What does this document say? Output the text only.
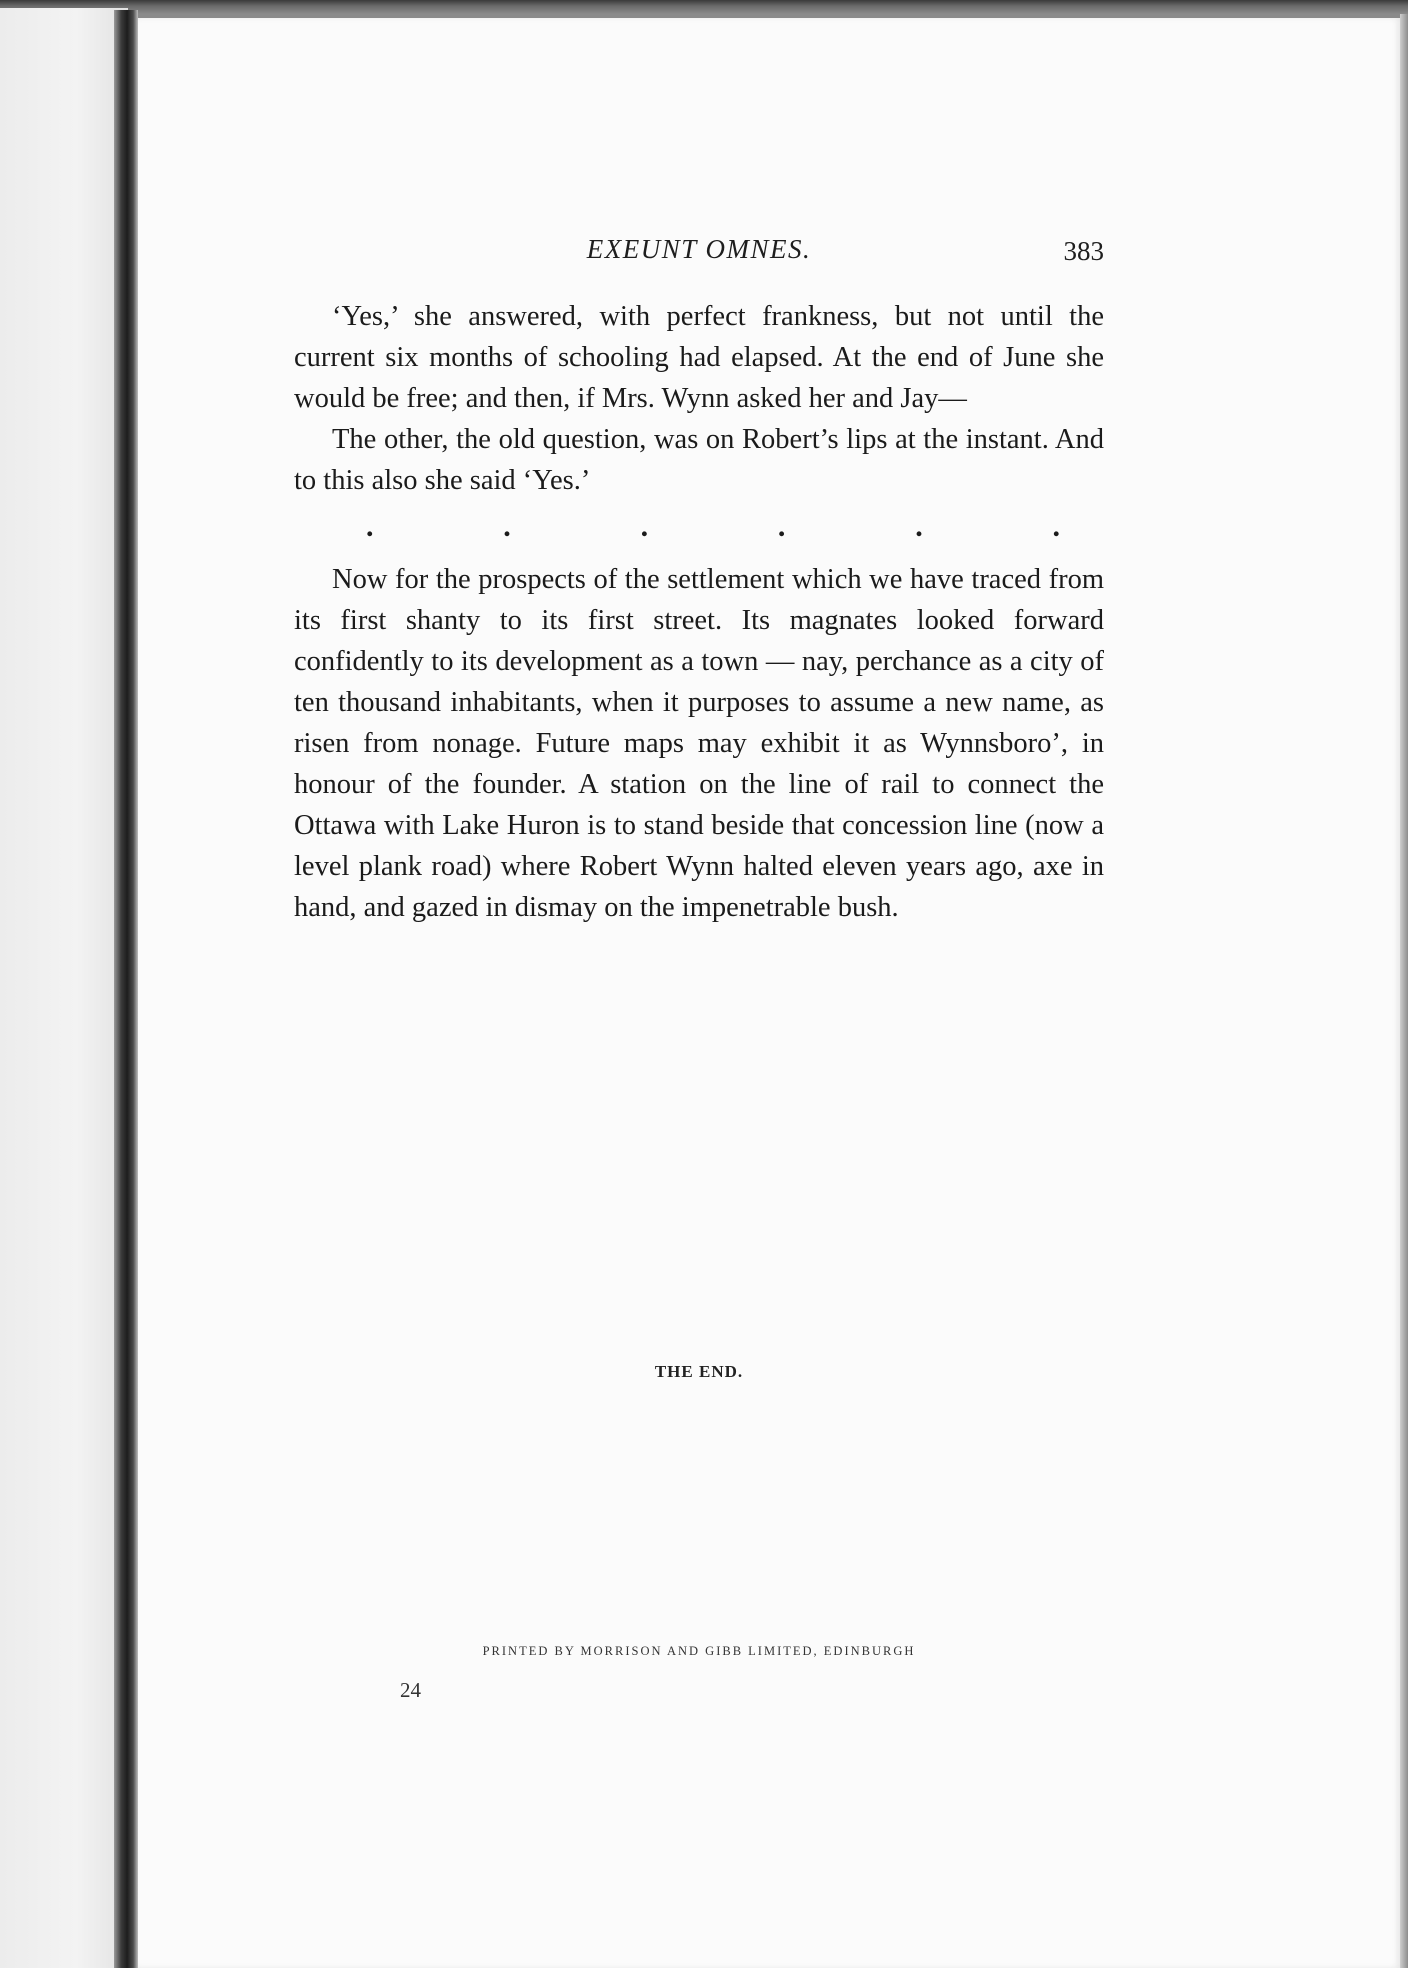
EXEUNT OMNES.	383

‘Yes,’ she answered, with perfect frankness, but not until the current six months of schooling had elapsed. At the end of June she would be free; and then, if Mrs. Wynn asked her and Jay—

The other, the old question, was on Robert’s lips at the instant. And to this also she said ‘Yes.’

.	.	.	.	.	.

Now for the prospects of the settlement which we have traced from its first shanty to its first street. Its magnates looked forward confidently to its development as a town — nay, perchance as a city of ten thousand inhabitants, when it purposes to assume a new name, as risen from nonage. Future maps may exhibit it as Wynnsboro’, in honour of the founder. A station on the line of rail to connect the Ottawa with Lake Huron is to stand beside that concession line (now a level plank road) where Robert Wynn halted eleven years ago, axe in hand, and gazed in dismay on the impenetrable bush.

THE END.
PRINTED BY MORRISON AND GIBB LIMITED, EDINBURGH
24
